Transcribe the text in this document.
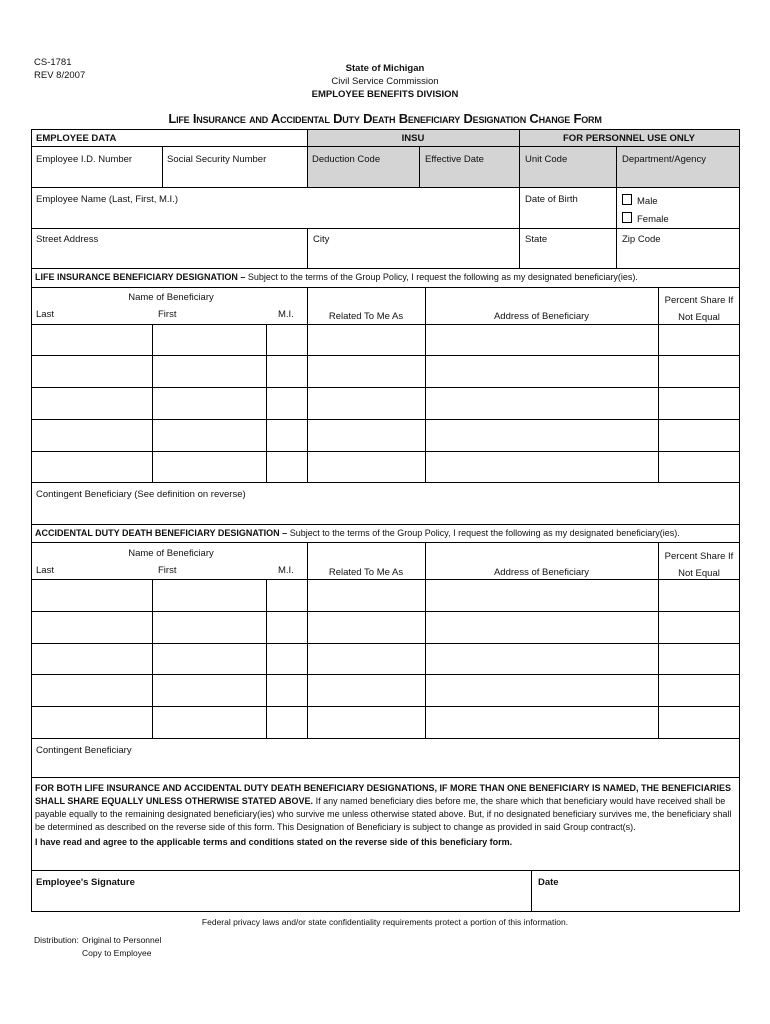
CS-1781
REV 8/2007
State of Michigan
Civil Service Commission
EMPLOYEE BENEFITS DIVISION
Life Insurance and Accidental Duty Death Beneficiary Designation Change Form
EMPLOYEE DATA	INSU	FOR PERSONNEL USE ONLY
Employee I.D. Number	Social Security Number	Deduction Code	Effective Date	Unit Code	Department/Agency
Employee Name (Last, First, M.I.)	Date of Birth	Male
Female
Street Address	City	State	Zip Code
LIFE INSURANCE BENEFICIARY DESIGNATION – Subject to the terms of the Group Policy, I request the following as my designated beneficiary(ies).
Name of Beneficiary
Last	First	M.I.	Related To Me As	Address of Beneficiary
Percent Share If
Not Equal
Contingent Beneficiary (See definition on reverse)
ACCIDENTAL DUTY DEATH BENEFICIARY DESIGNATION – Subject to the terms of the Group Policy, I request the following as my designated beneficiary(ies).
Name of Beneficiary
Last	First	M.I.	Related To Me As	Address of Beneficiary
Percent Share If
Not Equal
Contingent Beneficiary
FOR BOTH LIFE INSURANCE AND ACCIDENTAL DUTY DEATH BENEFICIARY DESIGNATIONS, IF MORE THAN ONE BENEFICIARY IS NAMED, THE BENEFICIARIES SHALL SHARE EQUALLY UNLESS OTHERWISE STATED ABOVE. If any named beneficiary dies before me, the share which that beneficiary would have received shall be payable equally to the remaining designated beneficiary(ies) who survive me unless otherwise stated above. But, if no designated beneficiary survives me, the beneficiary shall be determined as described on the reverse side of this form. This Designation of Beneficiary is subject to change as provided in said Group contract(s).
I have read and agree to the applicable terms and conditions stated on the reverse side of this beneficiary form.
Employee's Signature	Date
Federal privacy laws and/or state confidentiality requirements protect a portion of this information.
Distribution: Original to Personnel
Copy to Employee
